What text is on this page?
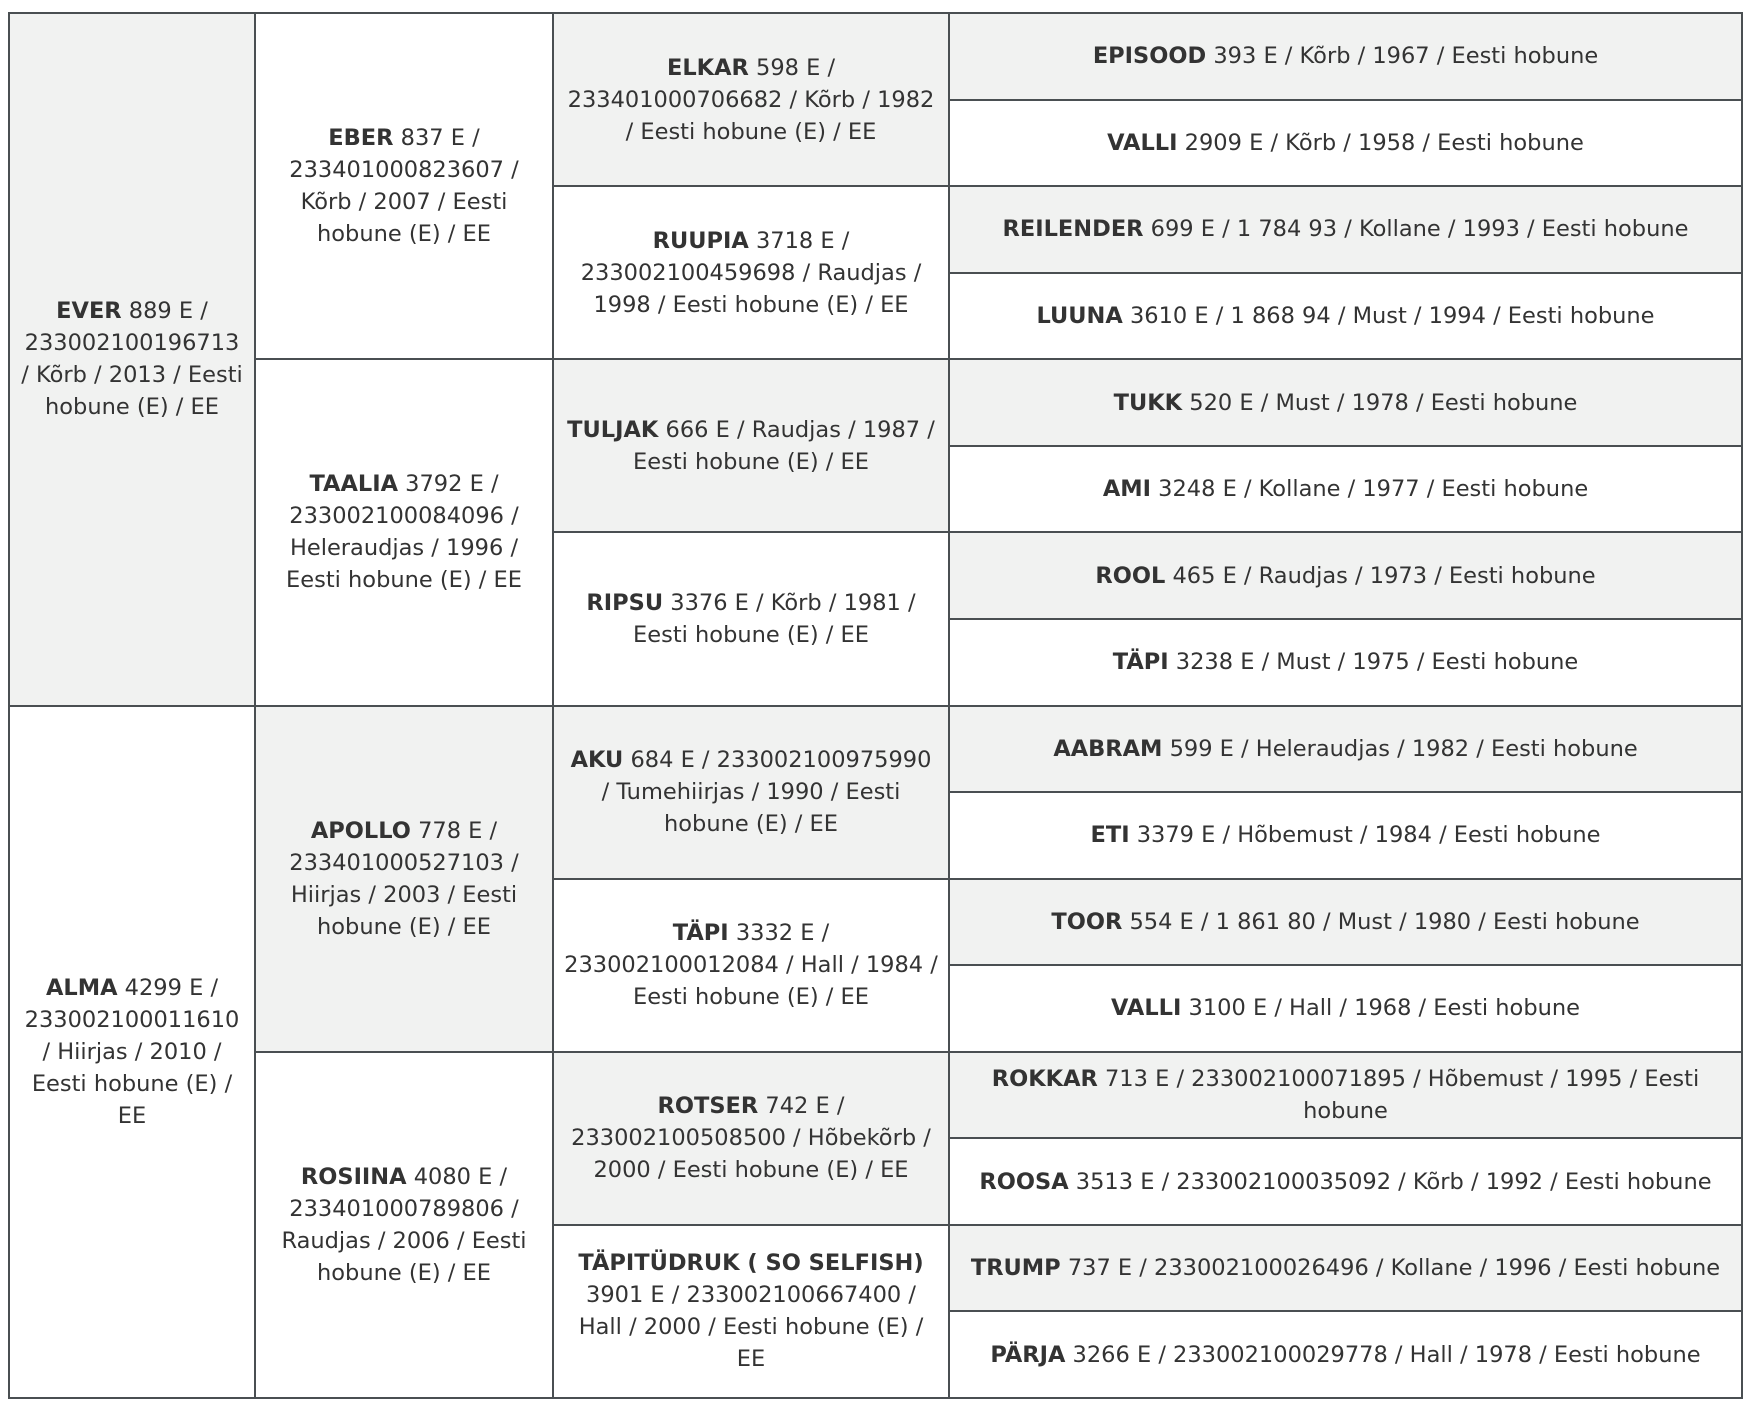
EVER 889 E / 233002100196713 / Kõrb / 2013 / Eesti hobune (E) / EE	EBER 837 E / 233401000823607 / Kõrb / 2007 / Eesti hobune (E) / EE	ELKAR 598 E / 233401000706682 / Kõrb / 1982 / Eesti hobune (E) / EE	EPISOOD 393 E / Kõrb / 1967 / Eesti hobune
			VALLI 2909 E / Kõrb / 1958 / Eesti hobune
		RUUPIA 3718 E / 233002100459698 / Raudjas / 1998 / Eesti hobune (E) / EE	REILENDER 699 E / 1 784 93 / Kollane / 1993 / Eesti hobune
			LUUNA 3610 E / 1 868 94 / Must / 1994 / Eesti hobune
	TAALIA 3792 E / 233002100084096 / Heleraudjas / 1996 / Eesti hobune (E) / EE	TULJAK 666 E / Raudjas / 1987 / Eesti hobune (E) / EE	TUKK 520 E / Must / 1978 / Eesti hobune
			AMI 3248 E / Kollane / 1977 / Eesti hobune
		RIPSU 3376 E / Kõrb / 1981 / Eesti hobune (E) / EE	ROOL 465 E / Raudjas / 1973 / Eesti hobune
			TÄPI 3238 E / Must / 1975 / Eesti hobune
ALMA 4299 E / 233002100011610 / Hiirjas / 2010 / Eesti hobune (E) / EE	APOLLO 778 E / 233401000527103 / Hiirjas / 2003 / Eesti hobune (E) / EE	AKU 684 E / 233002100975990 / Tumehiirjas / 1990 / Eesti hobune (E) / EE	AABRAM 599 E / Heleraudjas / 1982 / Eesti hobune
			ETI 3379 E / Hõbemust / 1984 / Eesti hobune
		TÄPI 3332 E / 233002100012084 / Hall / 1984 / Eesti hobune (E) / EE	TOOR 554 E / 1 861 80 / Must / 1980 / Eesti hobune
			VALLI 3100 E / Hall / 1968 / Eesti hobune
	ROSIINA 4080 E / 233401000789806 / Raudjas / 2006 / Eesti hobune (E) / EE	ROTSER 742 E / 233002100508500 / Hõbekõrb / 2000 / Eesti hobune (E) / EE	ROKKAR 713 E / 233002100071895 / Hõbemust / 1995 / Eesti hobune
			ROOSA 3513 E / 233002100035092 / Kõrb / 1992 / Eesti hobune
		TÄPITÜDRUK ( SO SELFISH) 3901 E / 233002100667400 / Hall / 2000 / Eesti hobune (E) / EE	TRUMP 737 E / 233002100026496 / Kollane / 1996 / Eesti hobune
			PÄRJA 3266 E / 233002100029778 / Hall / 1978 / Eesti hobune
